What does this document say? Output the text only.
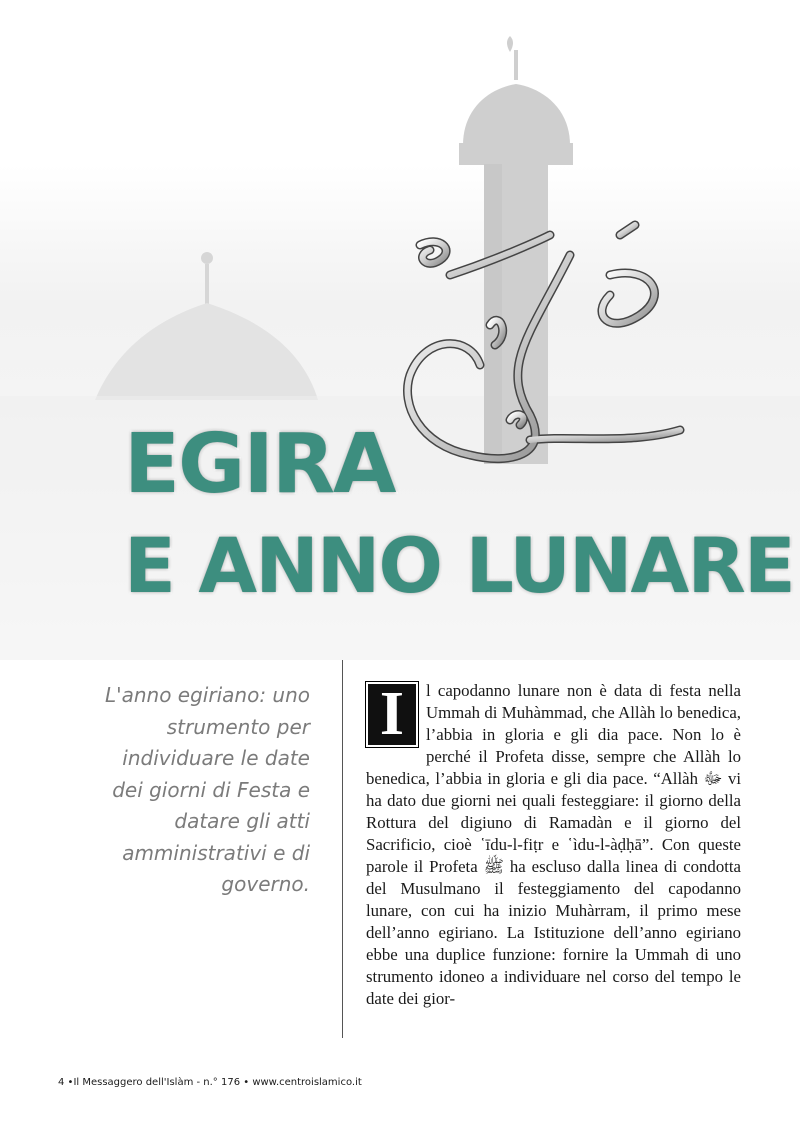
EGIRA
E ANNO LUNARE

L'anno egiriano: uno strumento per individuare le date dei giorni di Festa e datare gli atti amministrativi e di governo.

I	l capodanno lunare non è data di festa nella Ummah di Muhàmmad, che Allàh lo benedica, l’abbia in gloria e gli dia pace. Non lo è perché il Profeta disse, sempre che Allàh lo benedica, l’abbia in gloria e gli dia pace. “Allàh ﷻ vi ha dato due giorni nei quali festeggiare: il giorno della Rottura del digiuno di Ramadàn e il giorno del Sacrificio, cioè ῾īdu-l-fiṭr e ῾ìdu-l-àḍḥā”. Con queste parole il Profeta ﷺ ha escluso dalla linea di condotta del Musulmano il festeggiamento del capodanno lunare, con cui ha inizio Muhàrram, il primo mese dell’anno egiriano. La Istituzione dell’anno egiriano ebbe una duplice funzione: fornire la Ummah di uno strumento idoneo a individuare nel corso del tempo le date dei gior-

4 •Il Messaggero dell'Islàm - n.° 176 • www.centroislamico.it
